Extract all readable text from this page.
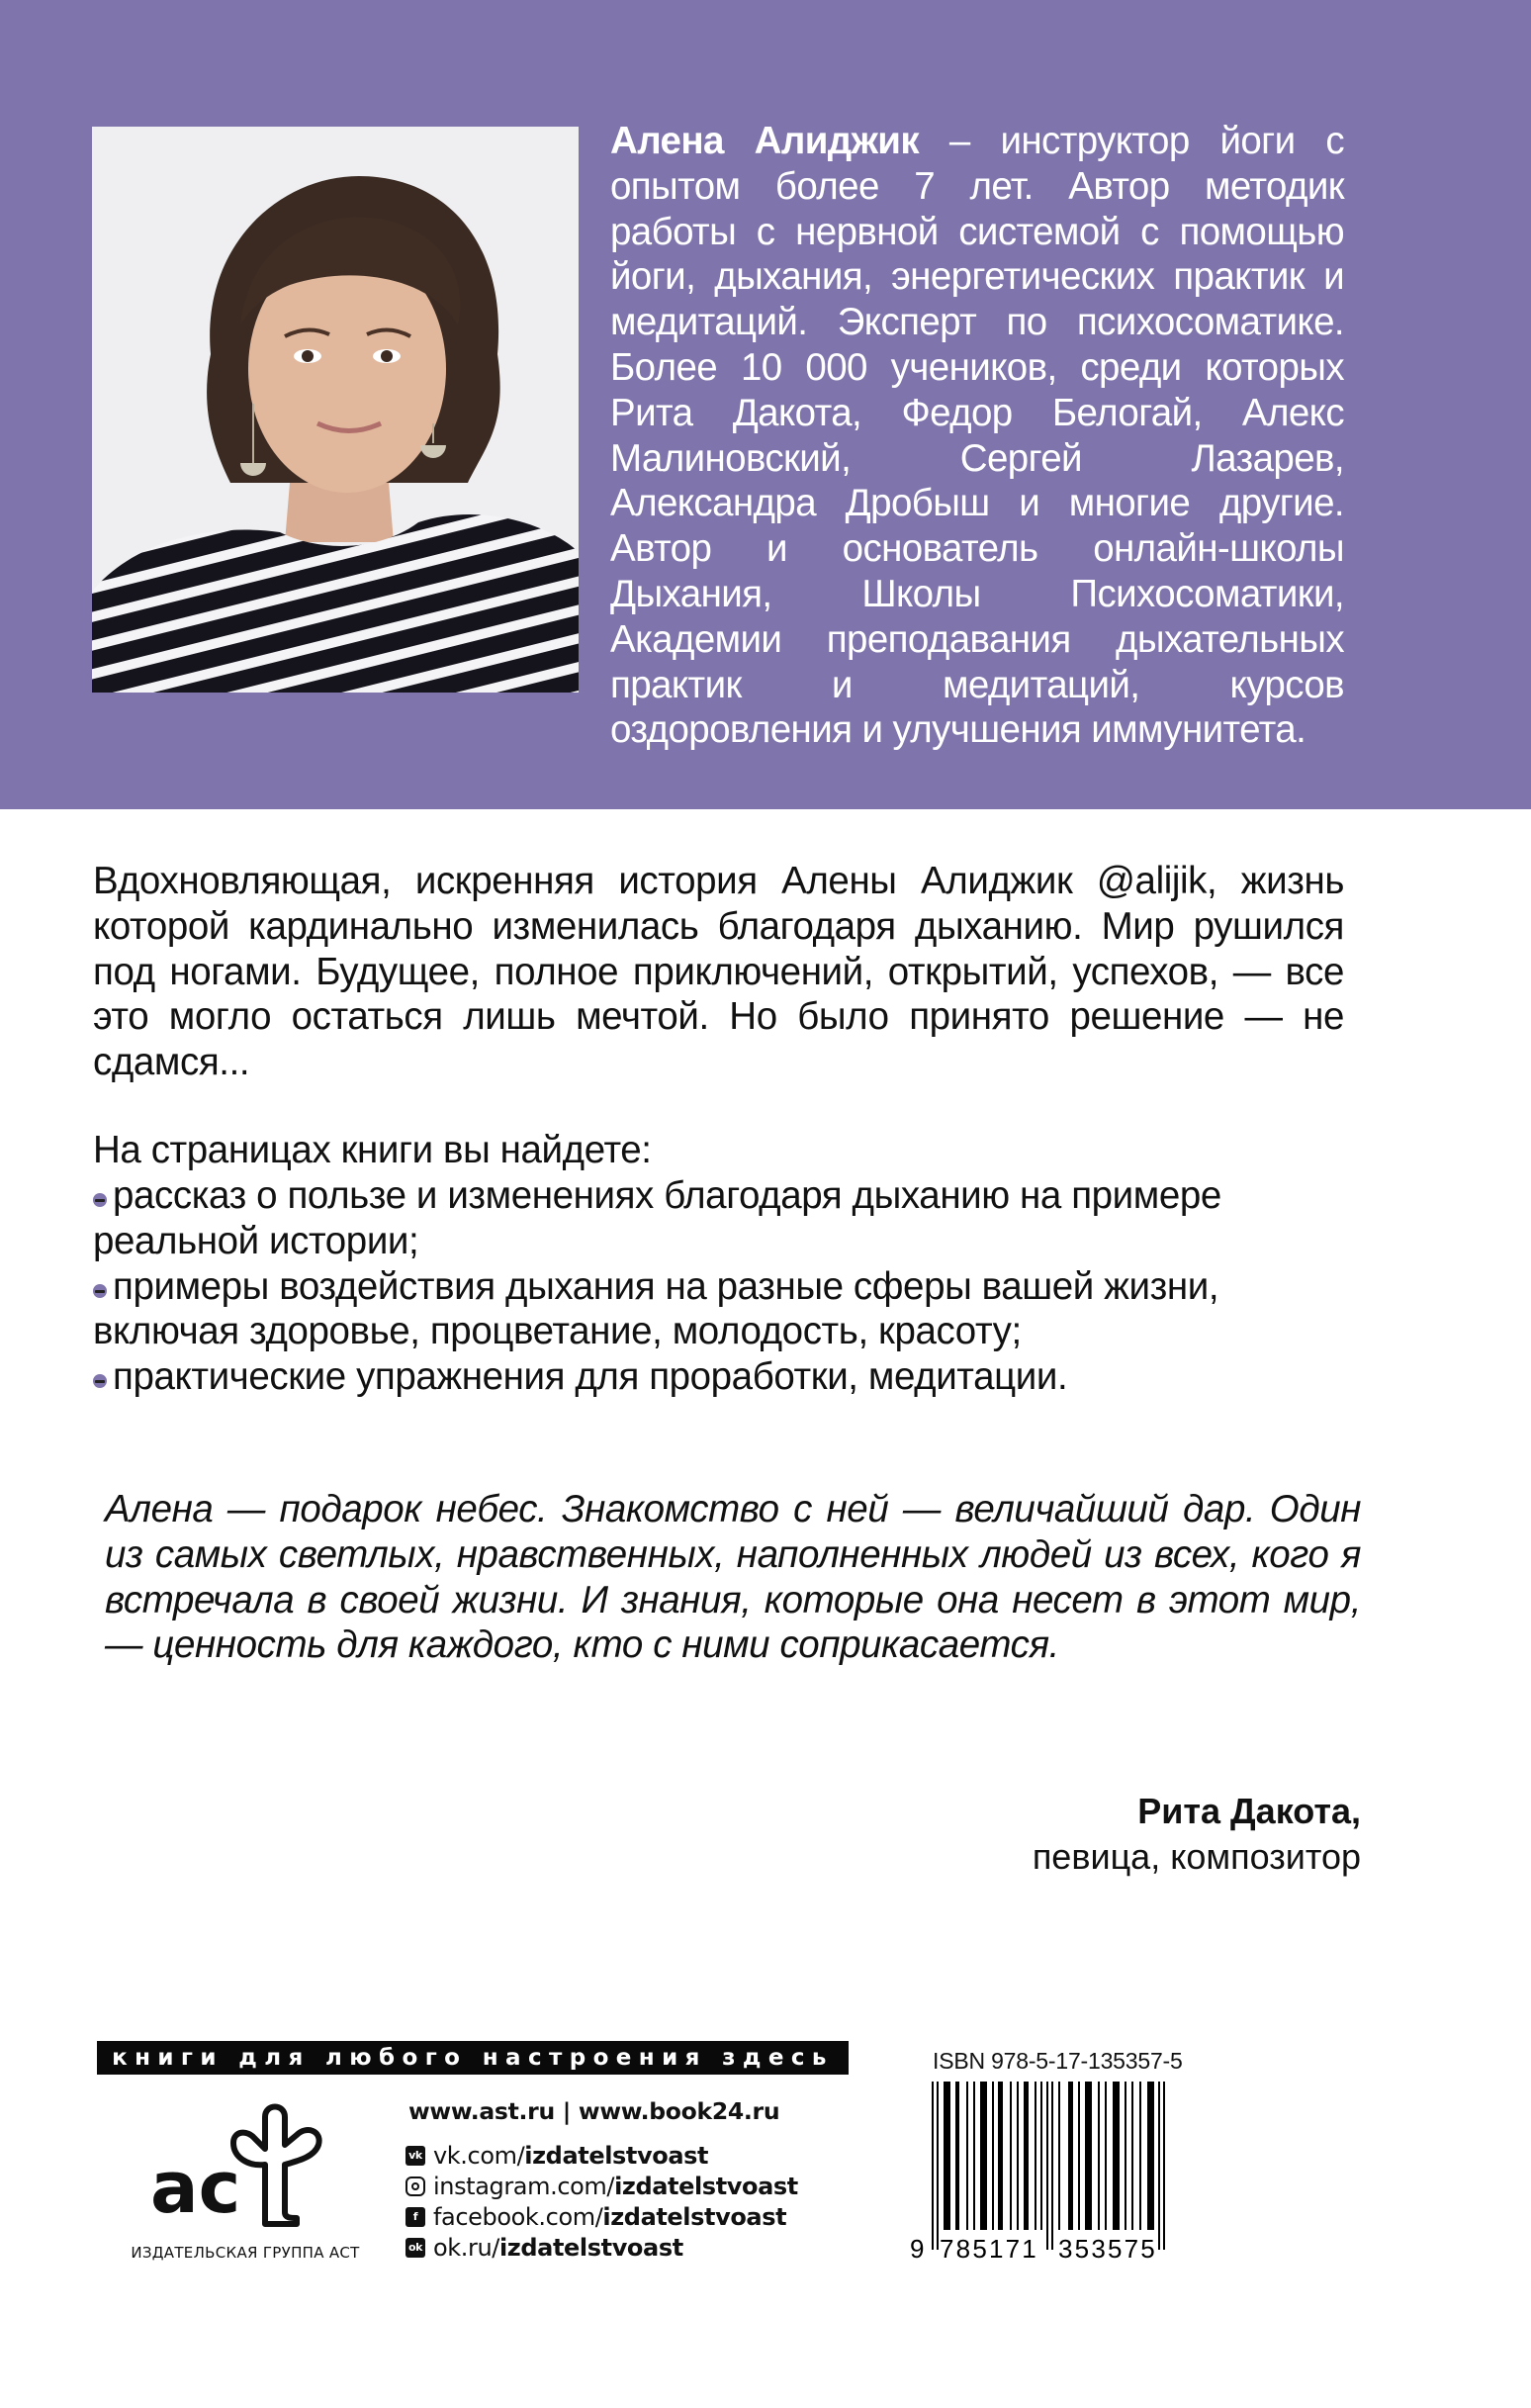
Алена Алиджик – инструктор йоги с опытом более 7 лет. Автор методик работы с нервной системой с помощью йоги, дыхания, энергетических практик и медитаций. Эксперт по психосоматике. Более 10 000 учеников, среди которых Рита Дакота, Федор Белогай, Алекс Малиновский, Сергей Лазарев, Александра Дробыш и многие другие. Автор и основатель онлайн-школы Дыхания, Школы Психосоматики, Академии преподавания дыхательных практик и медитаций, курсов оздоровления и улучшения иммунитета.
Вдохновляющая, искренняя история Алены Алиджик @alijik, жизнь которой кардинально изменилась благодаря дыханию. Мир рушился под ногами. Будущее, полное приключений, открытий, успехов, — все это могло остаться лишь мечтой. Но было принято решение — не сдамся...
На страницах книги вы найдете:
рассказ о пользе и изменениях благодаря дыханию на примере реальной истории;
примеры воздействия дыхания на разные сферы вашей жизни, включая здоровье, процветание, молодость, красоту;
практические упражнения для проработки, медитации.
Алена — подарок небес. Знакомство с ней — величайший дар. Один из самых светлых, нравственных, наполненных людей из всех, кого я встречала в своей жизни. И знания, которые она несет в этот мир, — ценность для каждого, кто с ними соприкасается.
Рита Дакота,
певица, композитор
книги для любого настроения здесь
ас
ИЗДАТЕЛЬСКАЯ ГРУППА АСТ
www.ast.ru | www.book24.ru
vk vk.com/ izdatelstvoast
instagram.com/ izdatelstvoast
f facebook.com/ izdatelstvoast
ok ok.ru/ izdatelstvoast
ISBN 978-5-17-135357-5
9 785171 353575
